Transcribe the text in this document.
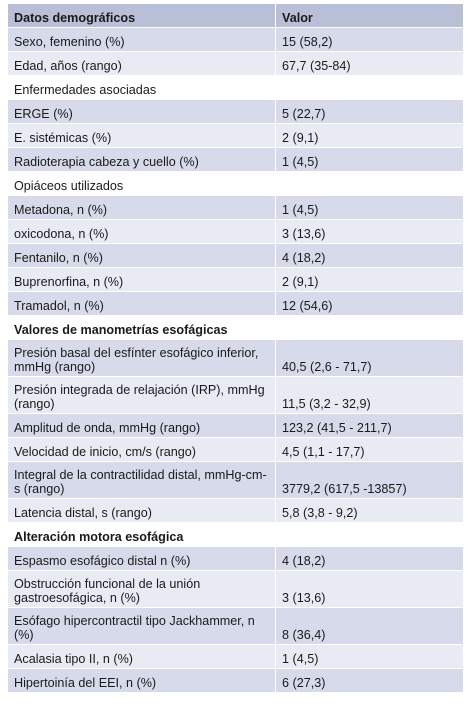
Datos demográficos	Valor
Sexo, femenino (%)	15 (58,2)
Edad, años (rango)	67,7 (35-84)
Enfermedades asociadas	
ERGE (%)	5 (22,7)
E. sistémicas (%)	2 (9,1)
Radioterapia cabeza y cuello (%)	1 (4,5)
Opiáceos utilizados	
Metadona, n (%)	1 (4,5)
oxicodona, n (%)	3 (13,6)
Fentanilo, n (%)	4 (18,2)
Buprenorfina, n (%)	2 (9,1)
Tramadol, n (%)	12 (54,6)
Valores de manometrías esofágicas	
Presión basal del esfínter esofágico inferior, mmHg (rango)	40,5 (2,6 - 71,7)
Presión integrada de relajación (IRP), mmHg (rango)	11,5 (3,2 - 32,9)
Amplitud de onda, mmHg (rango)	123,2 (41,5 - 211,7)
Velocidad de inicio, cm/s (rango)	4,5 (1,1 - 17,7)
Integral de la contractilidad distal, mmHg-cm-s (rango)	3779,2 (617,5 -13857)
Latencia distal, s (rango)	5,8 (3,8 - 9,2)
Alteración motora esofágica	
Espasmo esofágico distal n (%)	4 (18,2)
Obstrucción funcional de la unión gastroesofágica, n (%)	3 (13,6)
Esófago hipercontractil tipo Jackhammer, n (%)	8 (36,4)
Acalasia tipo II, n (%)	1 (4,5)
Hipertoinía del EEI, n (%)	6 (27,3)
